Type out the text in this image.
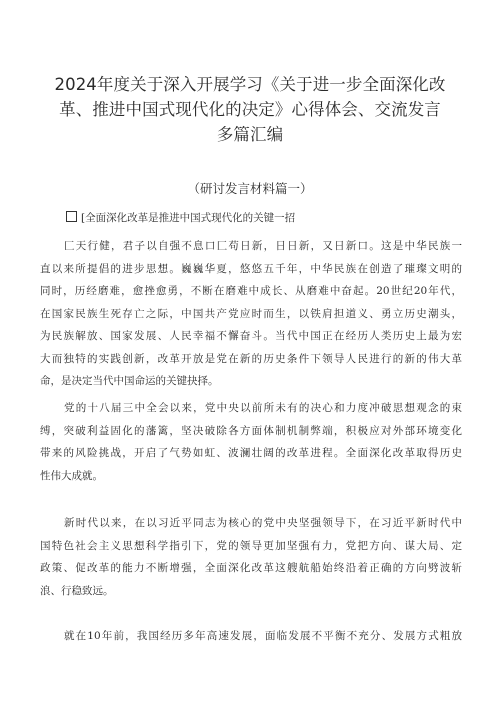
2024年度关于深入开展学习《关于进一步全面深化改
革、推进中国式现代化的决定》心得体会、交流发言
多篇汇编
（研讨发言材料篇一）
[全面深化改革是推进中国式现代化的关键一招
匚天行健，君子以自强不息口匚苟日新，日日新，又日新口。这是中华民族一
直以来所提倡的进步思想。巍巍华夏，悠悠五千年，中华民族在创造了璀璨文明的
同时，历经磨难，愈挫愈勇，不断在磨难中成长、从磨难中奋起。20世纪20年代，
在国家民族生死存亡之际，中国共产党应时而生，以铁肩担道义、勇立历史潮头，
为民族解放、国家发展、人民幸福不懈奋斗。当代中国正在经历人类历史上最为宏
大而独特的实践创新，改革开放是党在新的历史条件下领导人民进行的新的伟大革
命，是决定当代中国命运的关键抉择。
党的十八届三中全会以来，党中央以前所未有的决心和力度冲破思想观念的束
缚，突破利益固化的藩篱，坚决破除各方面体制机制弊端，积极应对外部环境变化
带来的风险挑战，开启了气势如虹、波澜壮阔的改革进程。全面深化改革取得历史
性伟大成就。
新时代以来，在以习近平同志为核心的党中央坚强领导下，在习近平新时代中
国特色社会主义思想科学指引下，党的领导更加坚强有力，党把方向、谋大局、定
政策、促改革的能力不断增强，全面深化改革这艘航船始终沿着正确的方向劈波斩
浪、行稳致远。
就在10年前，我国经历多年高速发展，面临发展不平衡不充分、发展方式粗放
